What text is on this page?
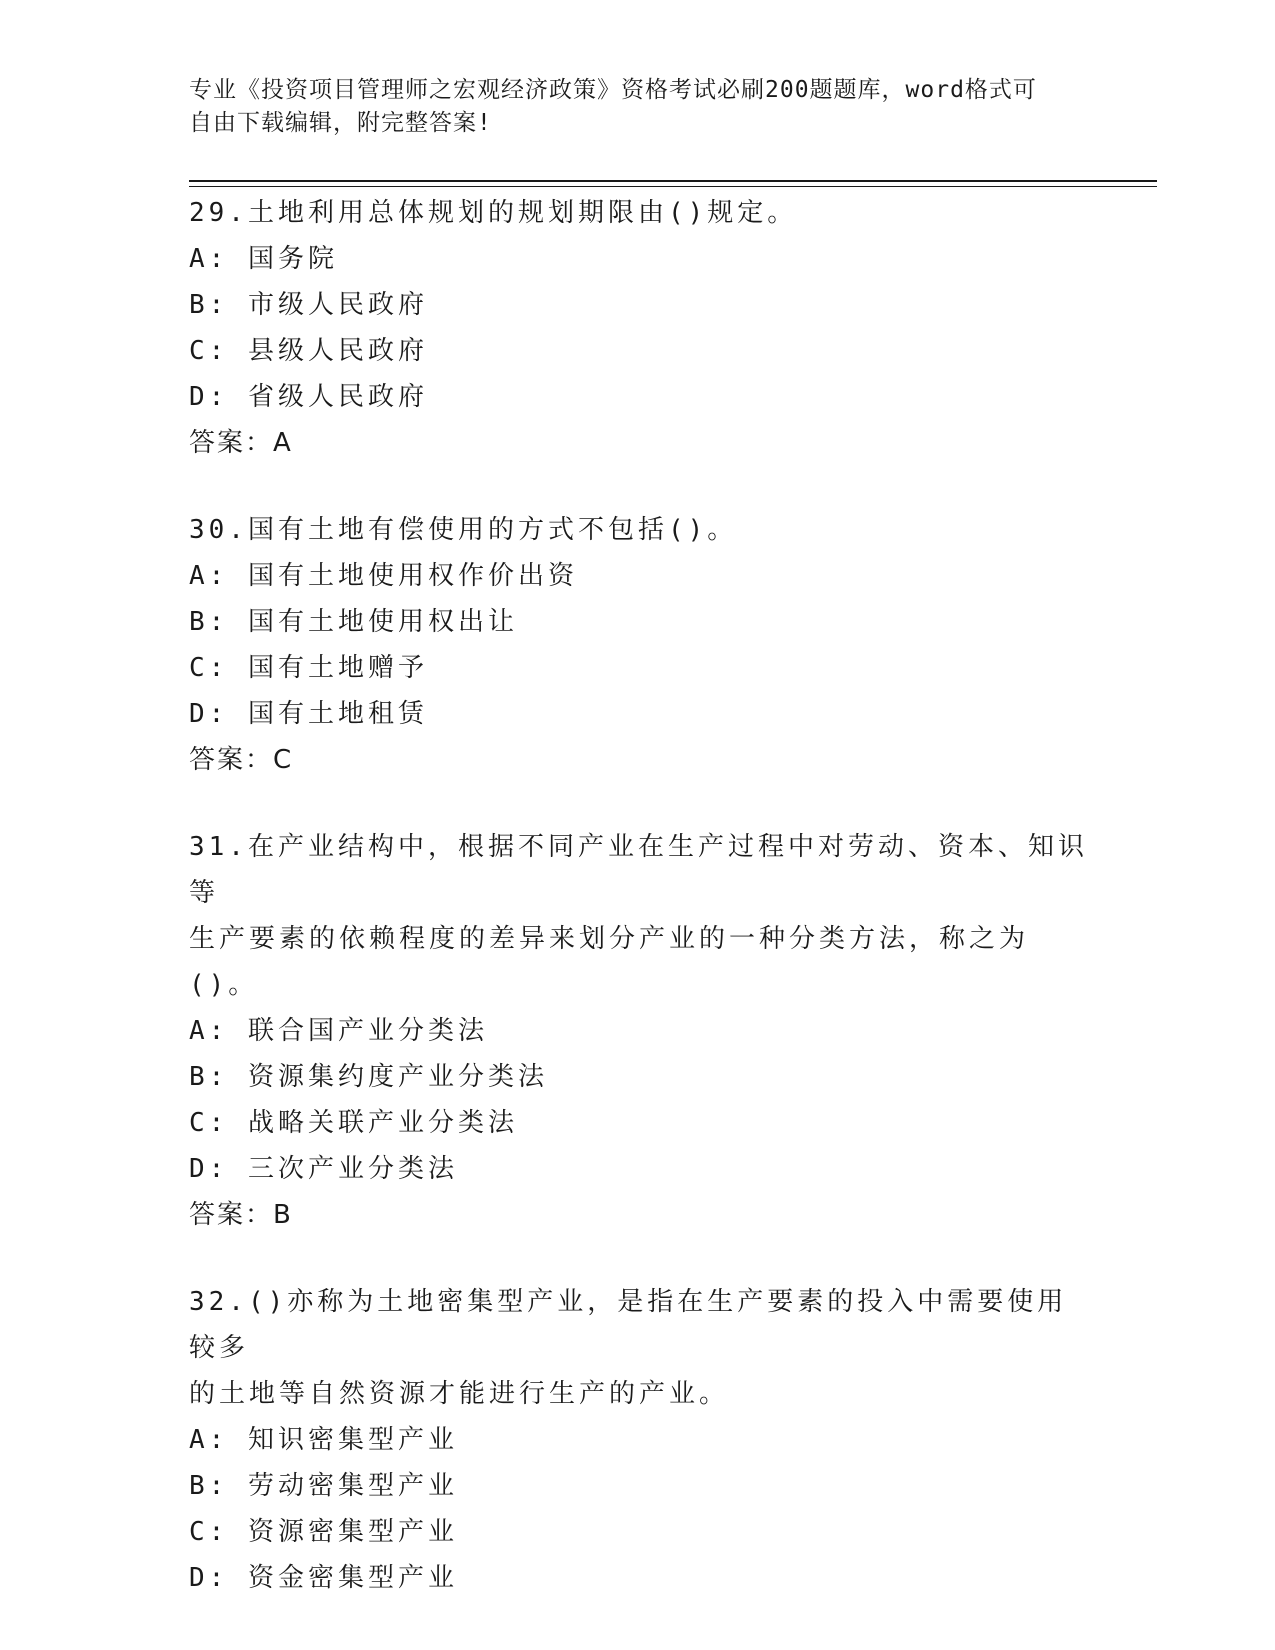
专业《投资项目管理师之宏观经济政策》资格考试必刷200题题库，word格式可
自由下载编辑，附完整答案!
29.土地利用总体规划的规划期限由()规定。
A: 国务院
B: 市级人民政府
C: 县级人民政府
D: 省级人民政府
答案：A
30.国有土地有偿使用的方式不包括()。
A: 国有土地使用权作价出资
B: 国有土地使用权出让
C: 国有土地赠予
D: 国有土地租赁
答案：C
31.在产业结构中，根据不同产业在生产过程中对劳动、资本、知识等
生产要素的依赖程度的差异来划分产业的一种分类方法，称之为()。
A: 联合国产业分类法
B: 资源集约度产业分类法
C: 战略关联产业分类法
D: 三次产业分类法
答案：B
32.()亦称为土地密集型产业，是指在生产要素的投入中需要使用较多
的土地等自然资源才能进行生产的产业。
A: 知识密集型产业
B: 劳动密集型产业
C: 资源密集型产业
D: 资金密集型产业
